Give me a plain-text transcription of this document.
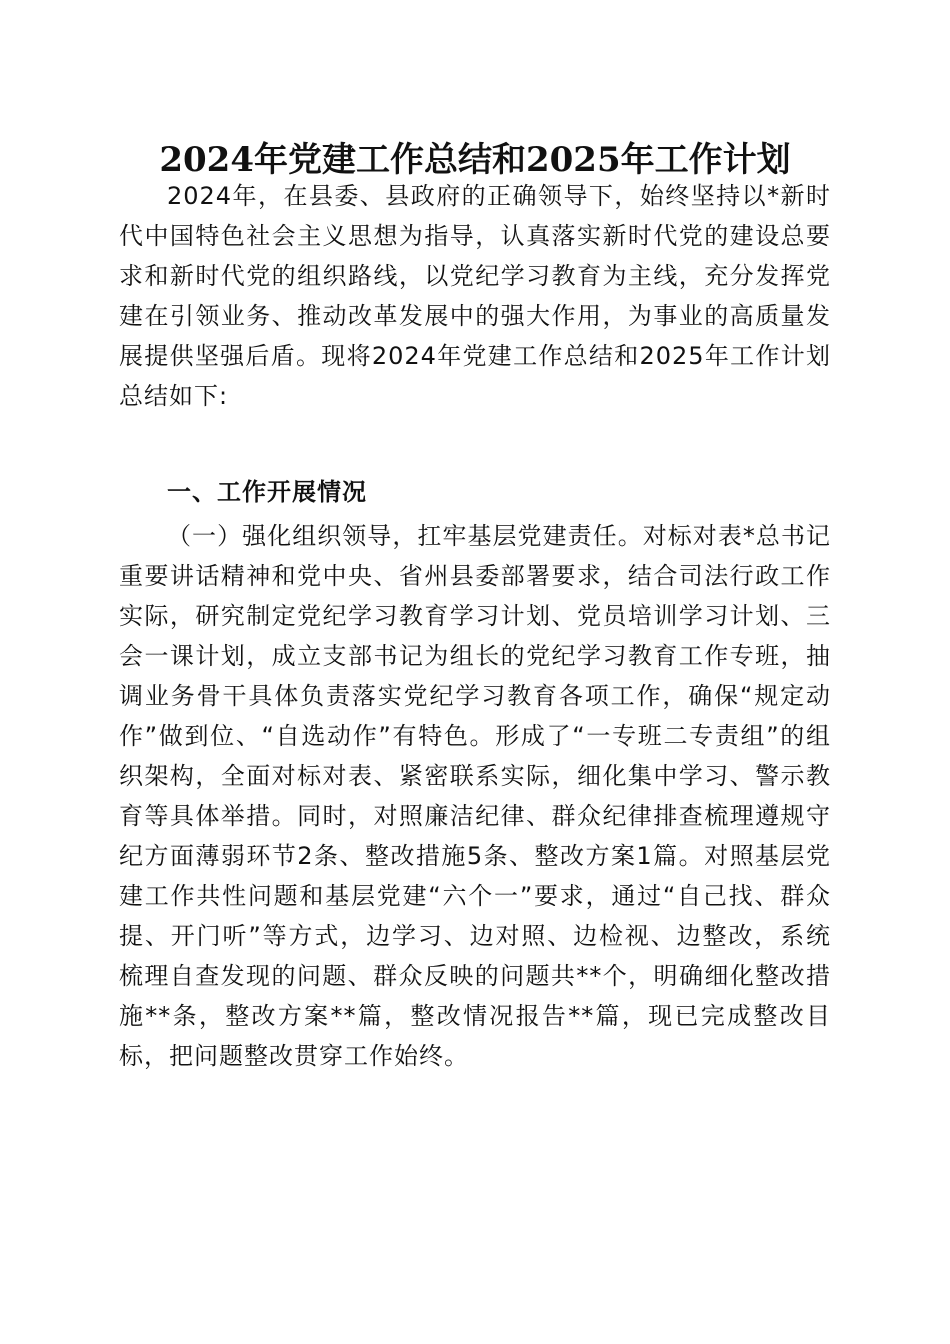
2024年党建工作总结和2025年工作计划

2024年，在县委、县政府的正确领导下，始终坚持以*新时代中国特色社会主义思想为指导，认真落实新时代党的建设总要求和新时代党的组织路线，以党纪学习教育为主线，充分发挥党建在引领业务、推动改革发展中的强大作用，为事业的高质量发展提供坚强后盾。现将2024年党建工作总结和2025年工作计划总结如下:

一、工作开展情况

（一）强化组织领导，扛牢基层党建责任。对标对表*总书记重要讲话精神和党中央、省州县委部署要求，结合司法行政工作实际，研究制定党纪学习教育学习计划、党员培训学习计划、三会一课计划，成立支部书记为组长的党纪学习教育工作专班，抽调业务骨干具体负责落实党纪学习教育各项工作，确保“规定动作”做到位、“自选动作”有特色。形成了“一专班二专责组”的组织架构，全面对标对表、紧密联系实际，细化集中学习、警示教育等具体举措。同时，对照廉洁纪律、群众纪律排查梳理遵规守纪方面薄弱环节2条、整改措施5条、整改方案1篇。对照基层党建工作共性问题和基层党建“六个一”要求，通过“自己找、群众提、开门听”等方式，边学习、边对照、边检视、边整改，系统梳理自查发现的问题、群众反映的问题共**个，明确细化整改措施**条，整改方案**篇，整改情况报告**篇，现已完成整改目标，把问题整改贯穿工作始终。
